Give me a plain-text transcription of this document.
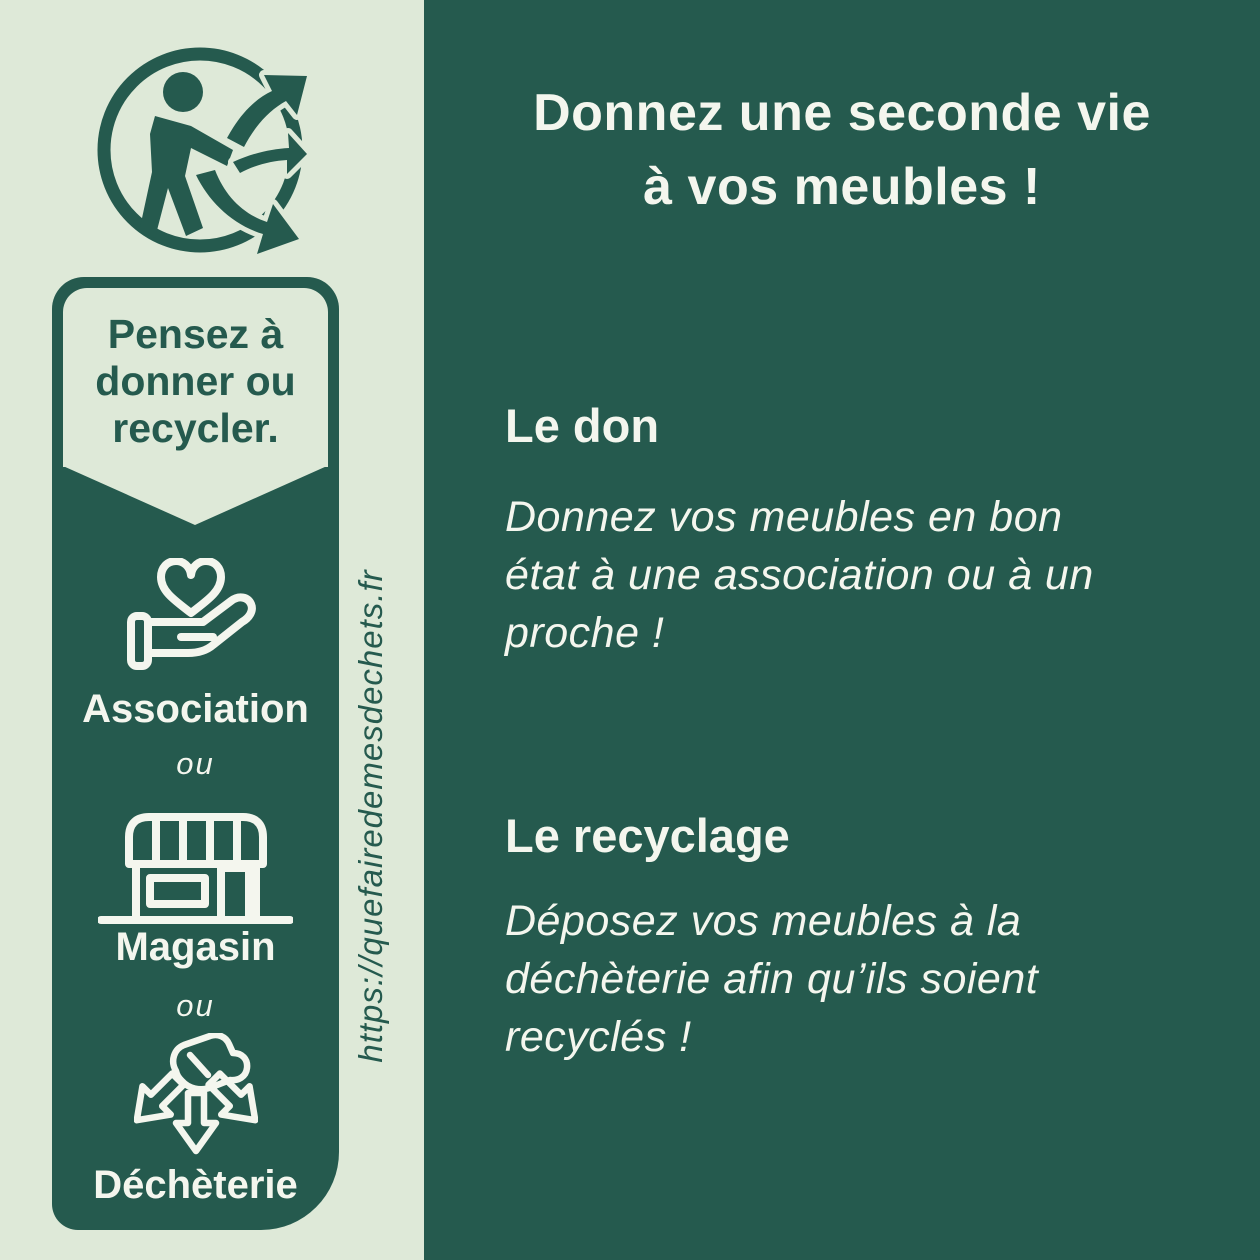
Pensez à
donner ou
recycler.
Association
ou
Magasin
ou
Déchèterie
https://quefairedemesdechets.fr
Donnez une seconde vie
à vos meubles !
Le don
Donnez vos meubles en bon
état à une association ou à un
proche !
Le recyclage
Déposez vos meubles à la
déchèterie afin qu’ils soient
recyclés !
